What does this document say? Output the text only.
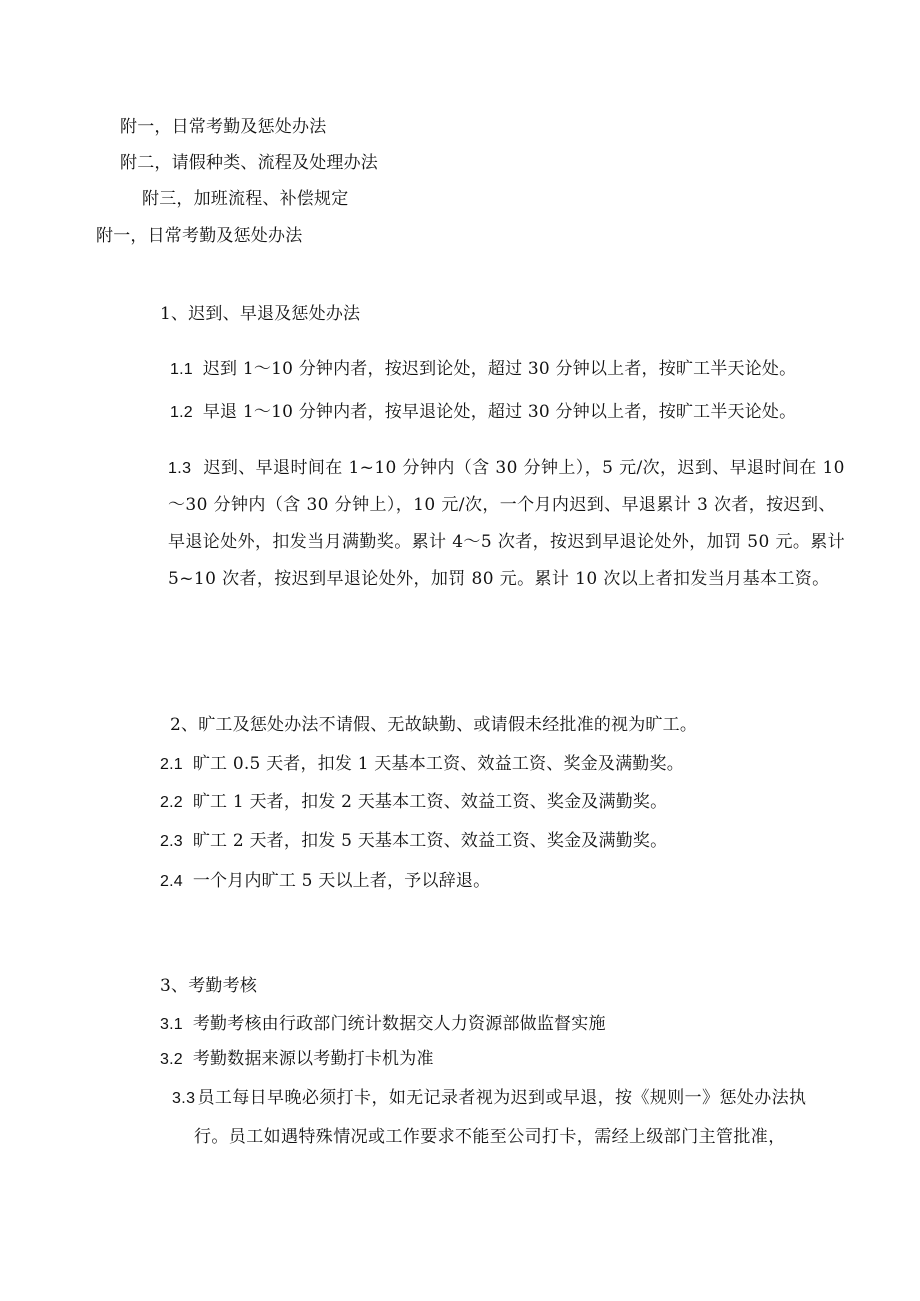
附一，日常考勤及惩处办法
附二，请假种类、流程及处理办法
附三，加班流程、补偿规定
附一，日常考勤及惩处办法
1、迟到、早退及惩处办法
1.1 迟到 1～10 分钟内者，按迟到论处，超过 30 分钟以上者，按旷工半天论处。
1.2 早退 1～10 分钟内者，按早退论处，超过 30 分钟以上者，按旷工半天论处。
1.3 迟到、早退时间在 1~10 分钟内（含 30 分钟上），5 元/次，迟到、早退时间在 10～30 分钟内（含 30 分钟上），10 元/次，一个月内迟到、早退累计 3 次者，按迟到、早退论处外，扣发当月满勤奖。累计 4～5 次者，按迟到早退论处外，加罚 50 元。累计 5~10 次者，按迟到早退论处外，加罚 80 元。累计 10 次以上者扣发当月基本工资。
2、旷工及惩处办法不请假、无故缺勤、或请假未经批准的视为旷工。
2.1 旷工 0.5 天者，扣发 1 天基本工资、效益工资、奖金及满勤奖。
2.2 旷工 1 天者，扣发 2 天基本工资、效益工资、奖金及满勤奖。
2.3 旷工 2 天者，扣发 5 天基本工资、效益工资、奖金及满勤奖。
2.4 一个月内旷工 5 天以上者，予以辞退。
3、考勤考核
3.1 考勤考核由行政部门统计数据交人力资源部做监督实施
3.2 考勤数据来源以考勤打卡机为准
3.3 员工每日早晚必须打卡，如无记录者视为迟到或早退，按《规则一》惩处办法执行。员工如遇特殊情况或工作要求不能至公司打卡，需经上级部门主管批准，
